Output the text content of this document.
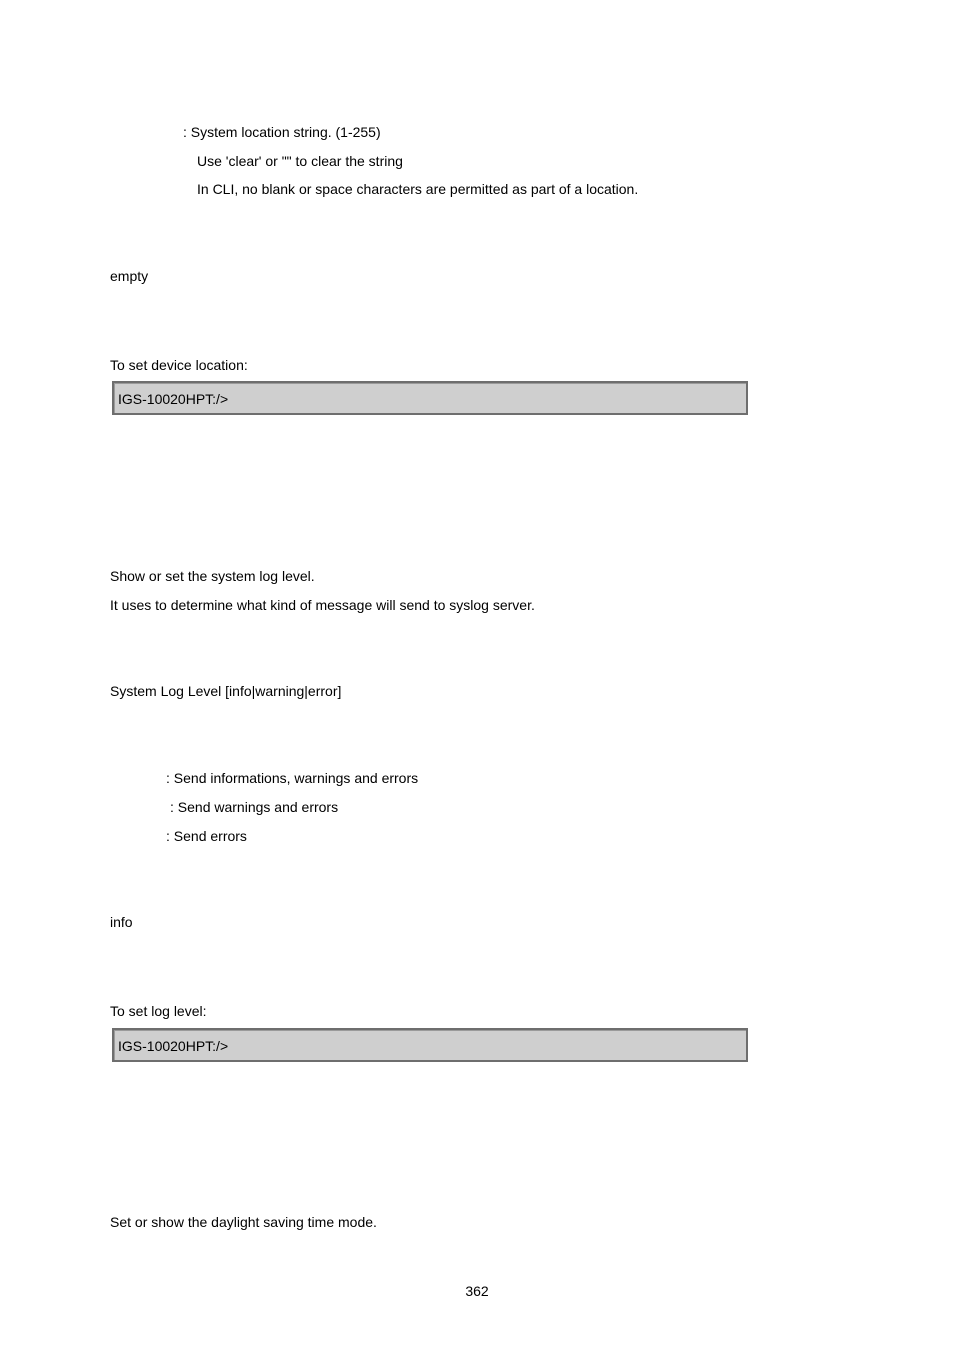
: System location string. (1-255)
Use 'clear' or "" to clear the string
In CLI, no blank or space characters are permitted as part of a location.
empty
To set device location:
IGS-10020HPT:/>
Show or set the system log level.
It uses to determine what kind of message will send to syslog server.
System Log Level [info|warning|error]
: Send informations, warnings and errors
: Send warnings and errors
: Send errors
info
To set log level:
IGS-10020HPT:/>
Set or show the daylight saving time mode.
362
